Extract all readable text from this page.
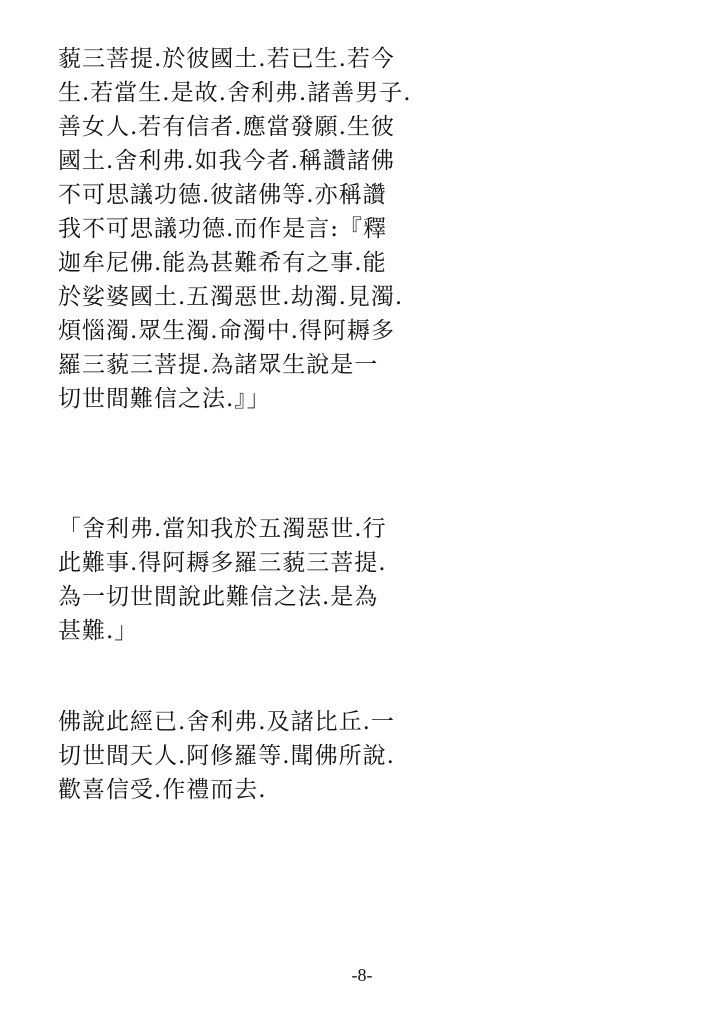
藐三菩提.於彼國土.若已生.若今
生.若當生.是故.舍利弗.諸善男子.
善女人.若有信者.應當發願.生彼
國土.舍利弗.如我今者.稱讚諸佛
不可思議功德.彼諸佛等.亦稱讚
我不可思議功德.而作是言:『釋
迦牟尼佛.能為甚難希有之事.能
於娑婆國土.五濁惡世.劫濁.見濁.
煩惱濁.眾生濁.命濁中.得阿耨多
羅三藐三菩提.為諸眾生說是一
切世間難信之法.』」
「舍利弗.當知我於五濁惡世.行
此難事.得阿耨多羅三藐三菩提.
為一切世間說此難信之法.是為
甚難.」
佛說此經已.舍利弗.及諸比丘.一
切世間天人.阿修羅等.聞佛所說.
歡喜信受.作禮而去.
-8-
